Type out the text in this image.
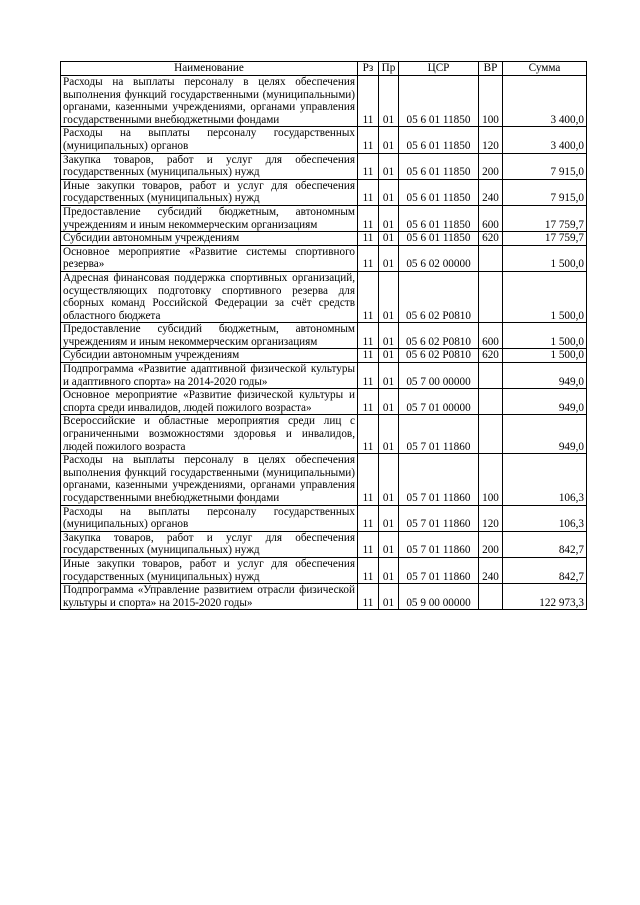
Наименование	Рз	Пр	ЦСР	ВР	Сумма
Расходы на выплаты персоналу в целях обеспечения выполнения функций государственными (муниципальными) органами, казенными учреждениями, органами управления государственными внебюджетными фондами	11	01	05 6 01 11850	100	3 400,0
Расходы на выплаты персоналу государственных (муниципальных) органов	11	01	05 6 01 11850	120	3 400,0
Закупка товаров, работ и услуг для обеспечения государственных (муниципальных) нужд	11	01	05 6 01 11850	200	7 915,0
Иные закупки товаров, работ и услуг для обеспечения государственных (муниципальных) нужд	11	01	05 6 01 11850	240	7 915,0
Предоставление субсидий бюджетным, автономным учреждениям и иным некоммерческим организациям	11	01	05 6 01 11850	600	17 759,7
Субсидии автономным учреждениям	11	01	05 6 01 11850	620	17 759,7
Основное мероприятие «Развитие системы спортивного резерва»	11	01	05 6 02 00000		1 500,0
Адресная финансовая поддержка спортивных организаций, осуществляющих подготовку спортивного резерва для сборных команд Российской Федерации за счёт средств областного бюджета	11	01	05 6 02 Р0810		1 500,0
Предоставление субсидий бюджетным, автономным учреждениям и иным некоммерческим организациям	11	01	05 6 02 Р0810	600	1 500,0
Субсидии автономным учреждениям	11	01	05 6 02 Р0810	620	1 500,0
Подпрограмма «Развитие адаптивной физической культуры и адаптивного спорта» на 2014-2020 годы»	11	01	05 7 00 00000		949,0
Основное мероприятие «Развитие физической культуры и спорта среди инвалидов, людей пожилого возраста»	11	01	05 7 01 00000		949,0
Всероссийские и областные мероприятия среди лиц с ограниченными возможностями здоровья и инвалидов, людей пожилого возраста	11	01	05 7 01 11860		949,0
Расходы на выплаты персоналу в целях обеспечения выполнения функций государственными (муниципальными) органами, казенными учреждениями, органами управления государственными внебюджетными фондами	11	01	05 7 01 11860	100	106,3
Расходы на выплаты персоналу государственных (муниципальных) органов	11	01	05 7 01 11860	120	106,3
Закупка товаров, работ и услуг для обеспечения государственных (муниципальных) нужд	11	01	05 7 01 11860	200	842,7
Иные закупки товаров, работ и услуг для обеспечения государственных (муниципальных) нужд	11	01	05 7 01 11860	240	842,7
Подпрограмма «Управление развитием отрасли физической культуры и спорта» на 2015-2020 годы»	11	01	05 9 00 00000		122 973,3
